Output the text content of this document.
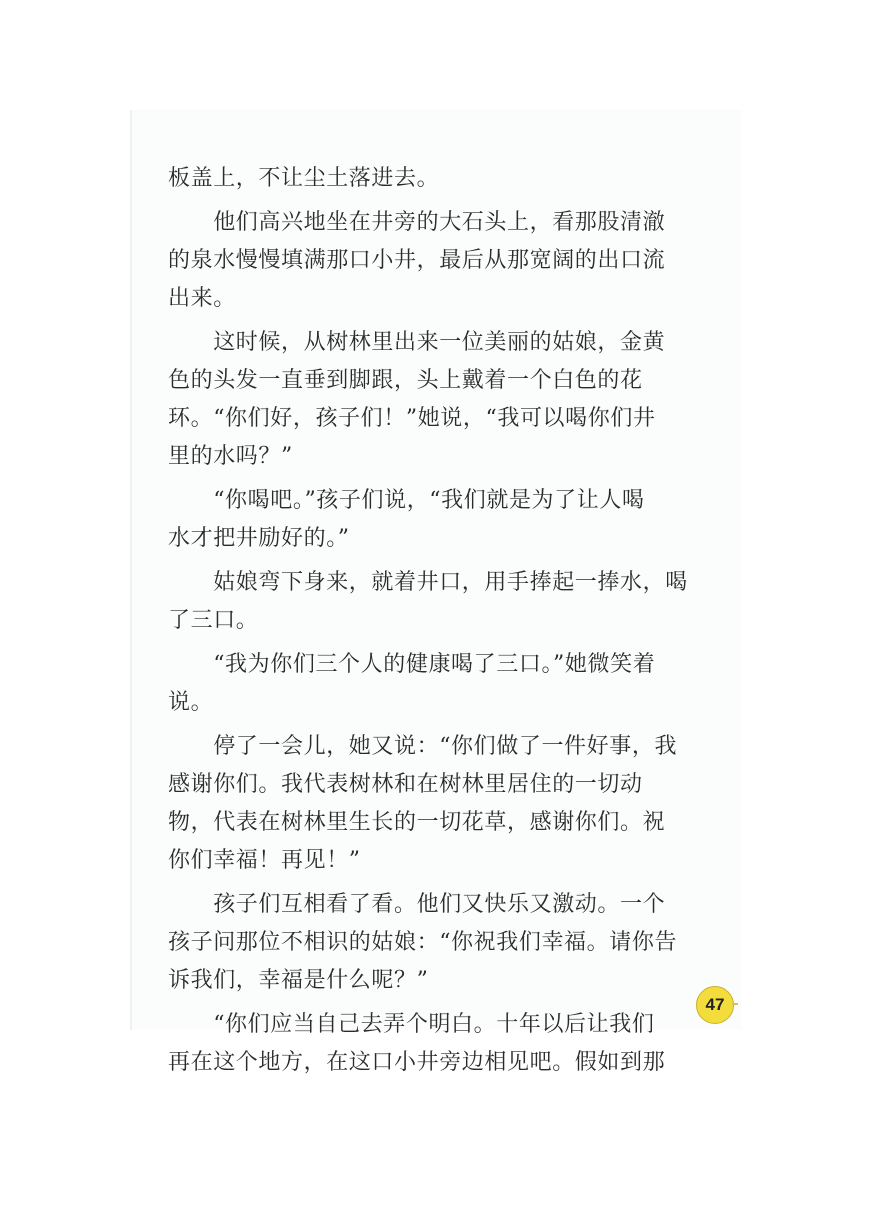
板盖上，不让尘土落进去。
　　他们高兴地坐在井旁的大石头上，看那股清澈
的泉水慢慢填满那口小井，最后从那宽阔的出口流
出来。
　　这时候，从树林里出来一位美丽的姑娘，金黄
色的头发一直垂到脚跟，头上戴着一个白色的花
环。“你们好，孩子们！”她说，“我可以喝你们井
里的水吗？”
　　“你喝吧。”孩子们说，“我们就是为了让人喝
水才把井励好的。”
　　姑娘弯下身来，就着井口，用手捧起一捧水，喝
了三口。
　　“我为你们三个人的健康喝了三口。”她微笑着
说。
　　停了一会儿，她又说：“你们做了一件好事，我
感谢你们。我代表树林和在树林里居住的一切动
物，代表在树林里生长的一切花草，感谢你们。祝
你们幸福！再见！”
　　孩子们互相看了看。他们又快乐又激动。一个
孩子问那位不相识的姑娘：“你祝我们幸福。请你告
诉我们，幸福是什么呢？”
　　“你们应当自己去弄个明白。十年以后让我们
再在这个地方，在这口小井旁边相见吧。假如到那
47
